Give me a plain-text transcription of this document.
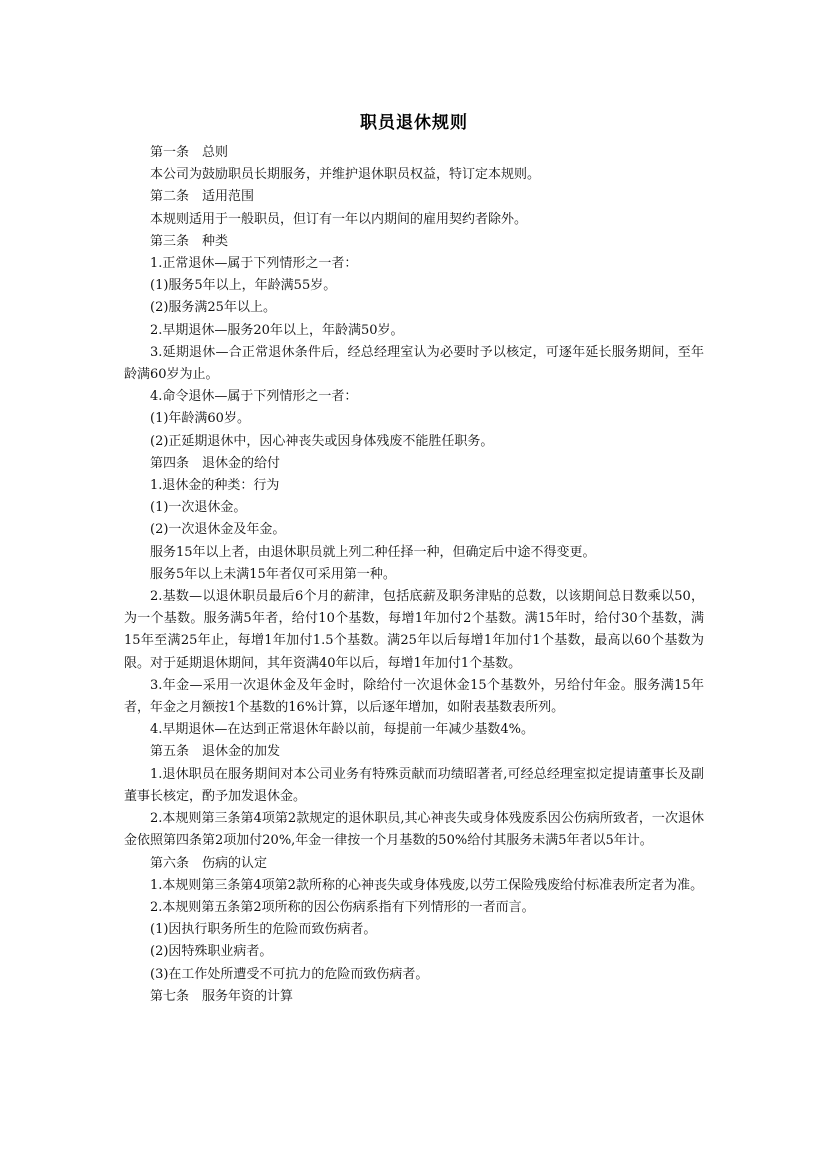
职员退休规则

第一条　总则

本公司为鼓励职员长期服务，并维护退休职员权益，特订定本规则。

第二条　适用范围

本规则适用于一般职员，但订有一年以内期间的雇用契约者除外。

第三条　种类

1.正常退休—属于下列情形之一者：

(1)服务5年以上，年龄满55岁。

(2)服务满25年以上。

2.早期退休—服务20年以上，年龄满50岁。

3.延期退休—合正常退休条件后，经总经理室认为必要时予以核定，可逐年延长服务期间，至年龄满60岁为止。

4.命令退休—属于下列情形之一者：

(1)年龄满60岁。

(2)正延期退休中，因心神丧失或因身体残废不能胜任职务。

第四条　退休金的给付

1.退休金的种类：行为

(1)一次退休金。

(2)一次退休金及年金。

服务15年以上者，由退休职员就上列二种任择一种，但确定后中途不得变更。

服务5年以上未满15年者仅可采用第一种。

2.基数—以退休职员最后6个月的薪津，包括底薪及职务津贴的总数，以该期间总日数乘以50，为一个基数。服务满5年者，给付10个基数，每增1年加付2个基数。满15年时，给付30个基数，满15年至满25年止，每增1年加付1.5个基数。满25年以后每增1年加付1个基数，最高以60个基数为限。对于延期退休期间，其年资满40年以后，每增1年加付1个基数。

3.年金—采用一次退休金及年金时，除给付一次退休金15个基数外，另给付年金。服务满15年者，年金之月额按1个基数的16%计算，以后逐年增加，如附表基数表所列。

4.早期退休—在达到正常退休年龄以前，每提前一年减少基数4%。

第五条　退休金的加发

1.退休职员在服务期间对本公司业务有特殊贡献而功绩昭著者,可经总经理室拟定提请董事长及副董事长核定，酌予加发退休金。

2.本规则第三条第4项第2款规定的退休职员,其心神丧失或身体残废系因公伤病所致者，一次退休金依照第四条第2项加付20%,年金一律按一个月基数的50%给付其服务未满5年者以5年计。

第六条　伤病的认定

1.本规则第三条第4项第2款所称的心神丧失或身体残废,以劳工保险残废给付标准表所定者为准。

2.本规则第五条第2项所称的因公伤病系指有下列情形的一者而言。

(1)因执行职务所生的危险而致伤病者。

(2)因特殊职业病者。

(3)在工作处所遭受不可抗力的危险而致伤病者。

第七条　服务年资的计算
